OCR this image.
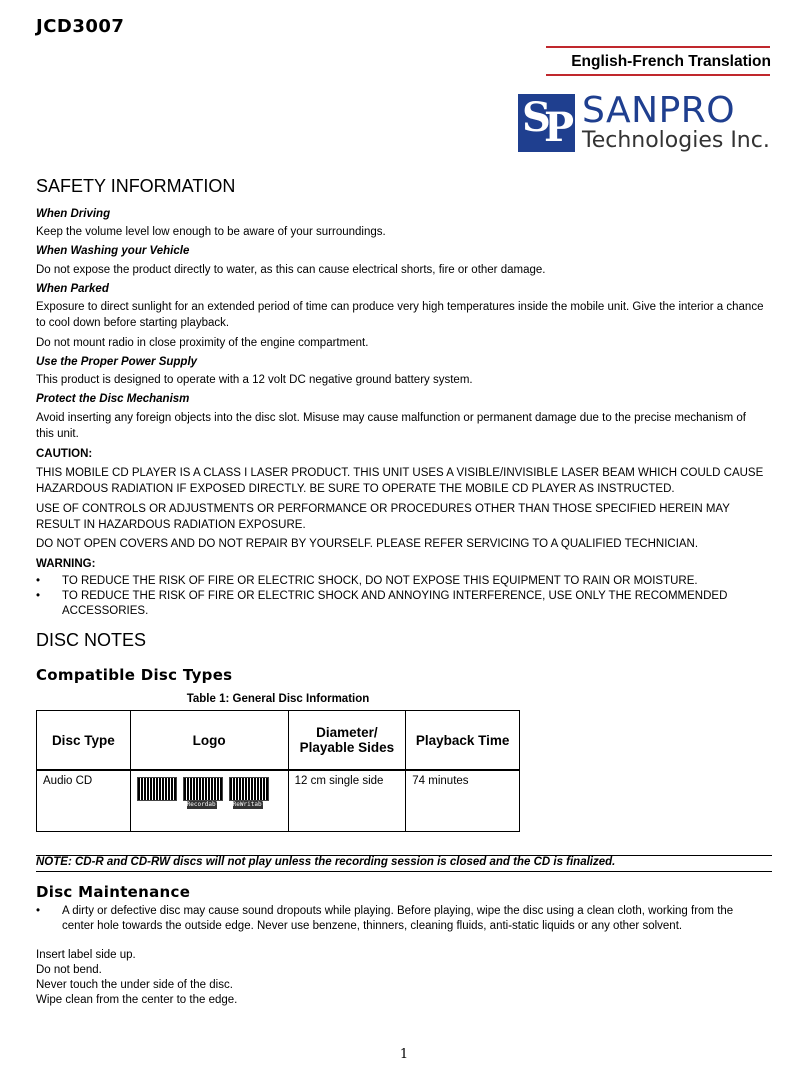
JCD3007
English-French Translation
S
P SANPRO
Technologies Inc.
SAFETY INFORMATION
When Driving
Keep the volume level low enough to be aware of your surroundings.
When Washing your Vehicle
Do not expose the product directly to water, as this can cause electrical shorts, fire or other damage.
When Parked
Exposure to direct sunlight for an extended period of time can produce very high temperatures inside the mobile unit. Give the interior a chance to cool down before starting playback.
Do not mount radio in close proximity of the engine compartment.
Use the Proper Power Supply
This product is designed to operate with a 12 volt DC negative ground battery system.
Protect the Disc Mechanism
Avoid inserting any foreign objects into the disc slot. Misuse may cause malfunction or permanent damage due to the precise mechanism of this unit.
CAUTION:
THIS MOBILE CD PLAYER IS A CLASS I LASER PRODUCT. THIS UNIT USES A VISIBLE/INVISIBLE LASER BEAM WHICH COULD CAUSE HAZARDOUS RADIATION IF EXPOSED DIRECTLY. BE SURE TO OPERATE THE MOBILE CD PLAYER AS INSTRUCTED.
USE OF CONTROLS OR ADJUSTMENTS OR PERFORMANCE OR PROCEDURES OTHER THAN THOSE SPECIFIED HEREIN MAY RESULT IN HAZARDOUS RADIATION EXPOSURE.
DO NOT OPEN COVERS AND DO NOT REPAIR BY YOURSELF. PLEASE REFER SERVICING TO A QUALIFIED TECHNICIAN.
WARNING:
• TO REDUCE THE RISK OF FIRE OR ELECTRIC SHOCK, DO NOT EXPOSE THIS EQUIPMENT TO RAIN OR MOISTURE.
• TO REDUCE THE RISK OF FIRE OR ELECTRIC SHOCK AND ANNOYING INTERFERENCE, USE ONLY THE RECOMMENDED ACCESSORIES.
DISC NOTES
Compatible Disc Types
Table 1: General Disc Information
Disc Type	Logo	Diameter/ Playable Sides	Playback Time
Audio CD	Recordable ReWritable	12 cm single side	74 minutes
NOTE: CD-R and CD-RW discs will not play unless the recording session is closed and the CD is finalized.
Disc Maintenance
• A dirty or defective disc may cause sound dropouts while playing. Before playing, wipe the disc using a clean cloth, working from the center hole towards the outside edge. Never use benzene, thinners, cleaning fluids, anti-static liquids or any other solvent.
Insert label side up.
Do not bend.
Never touch the under side of the disc.
Wipe clean from the center to the edge.
1
